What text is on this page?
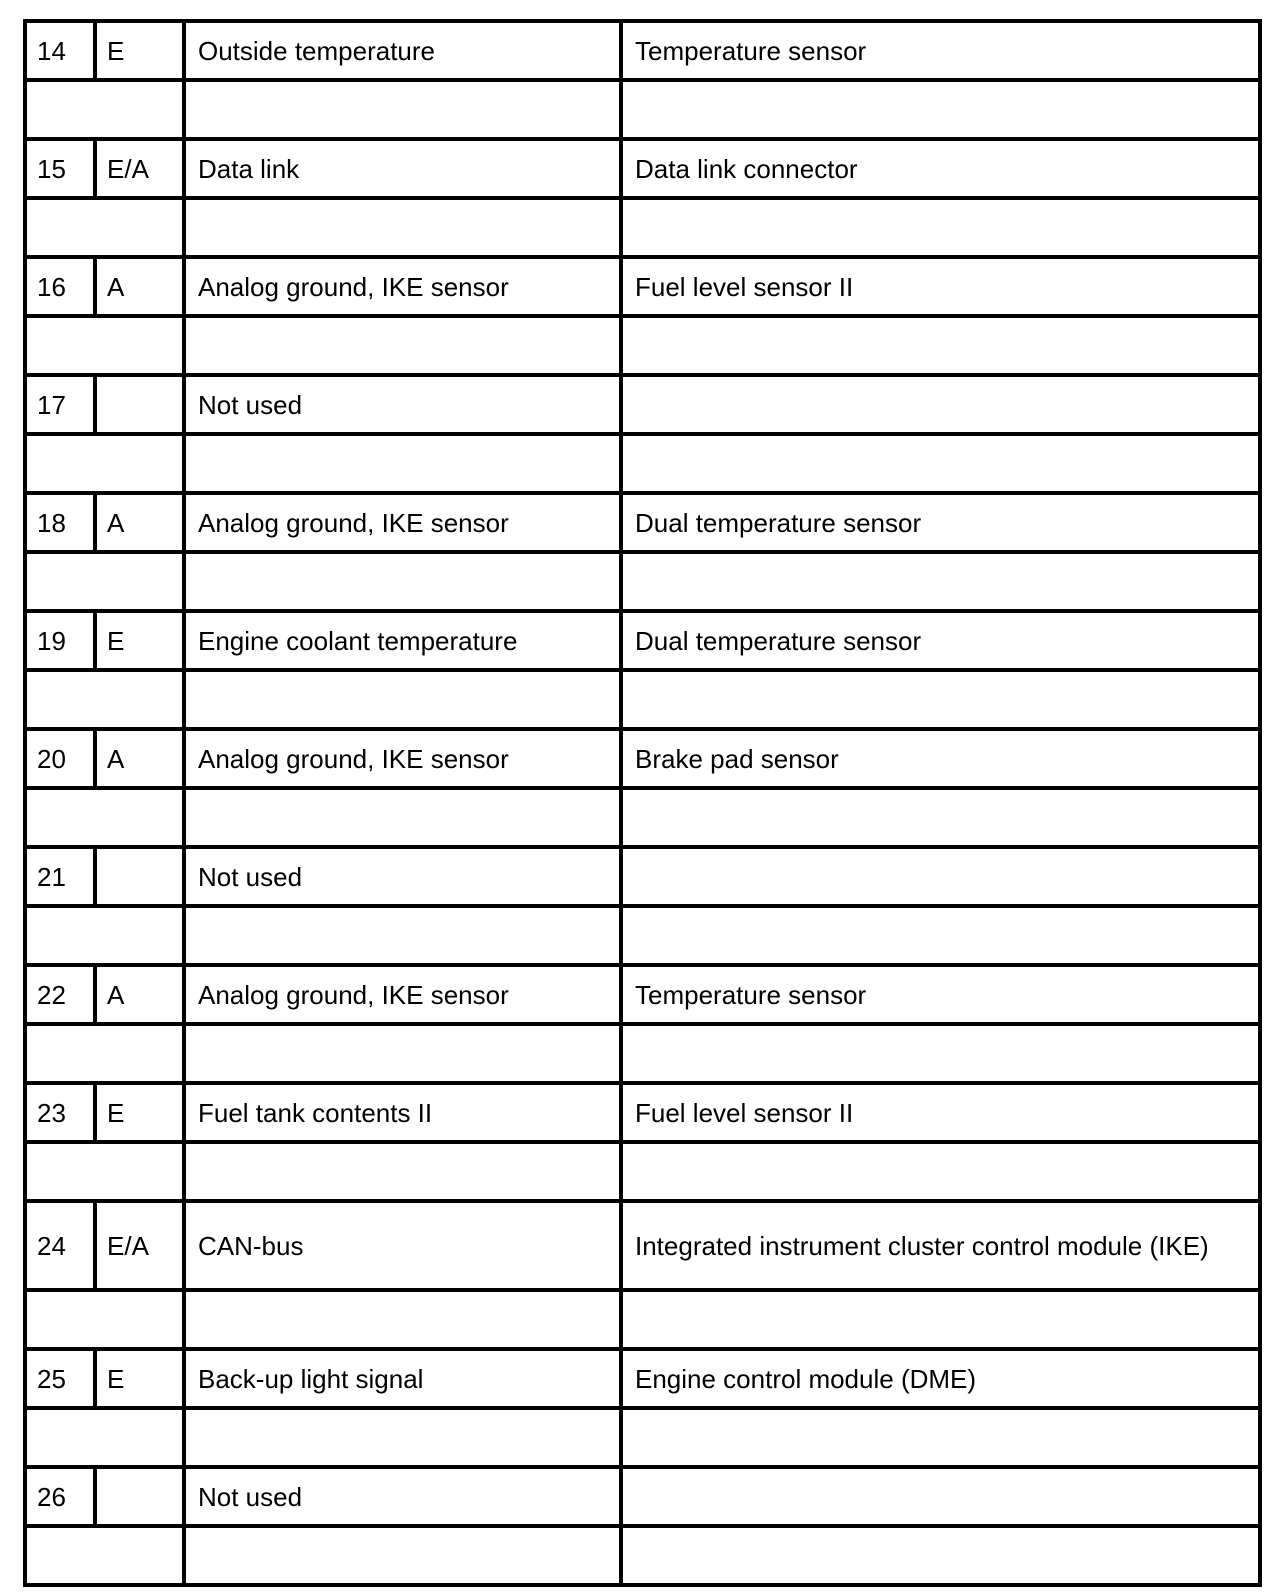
14	E	Outside temperature	Temperature sensor

15	E/A	Data link	Data link connector

16	A	Analog ground, IKE sensor	Fuel level sensor II

17		Not used	

18	A	Analog ground, IKE sensor	Dual temperature sensor

19	E	Engine coolant temperature	Dual temperature sensor

20	A	Analog ground, IKE sensor	Brake pad sensor

21		Not used	

22	A	Analog ground, IKE sensor	Temperature sensor

23	E	Fuel tank contents II	Fuel level sensor II

24	E/A	CAN-bus	Integrated instrument cluster control module (IKE)

25	E	Back-up light signal	Engine control module (DME)

26		Not used	
